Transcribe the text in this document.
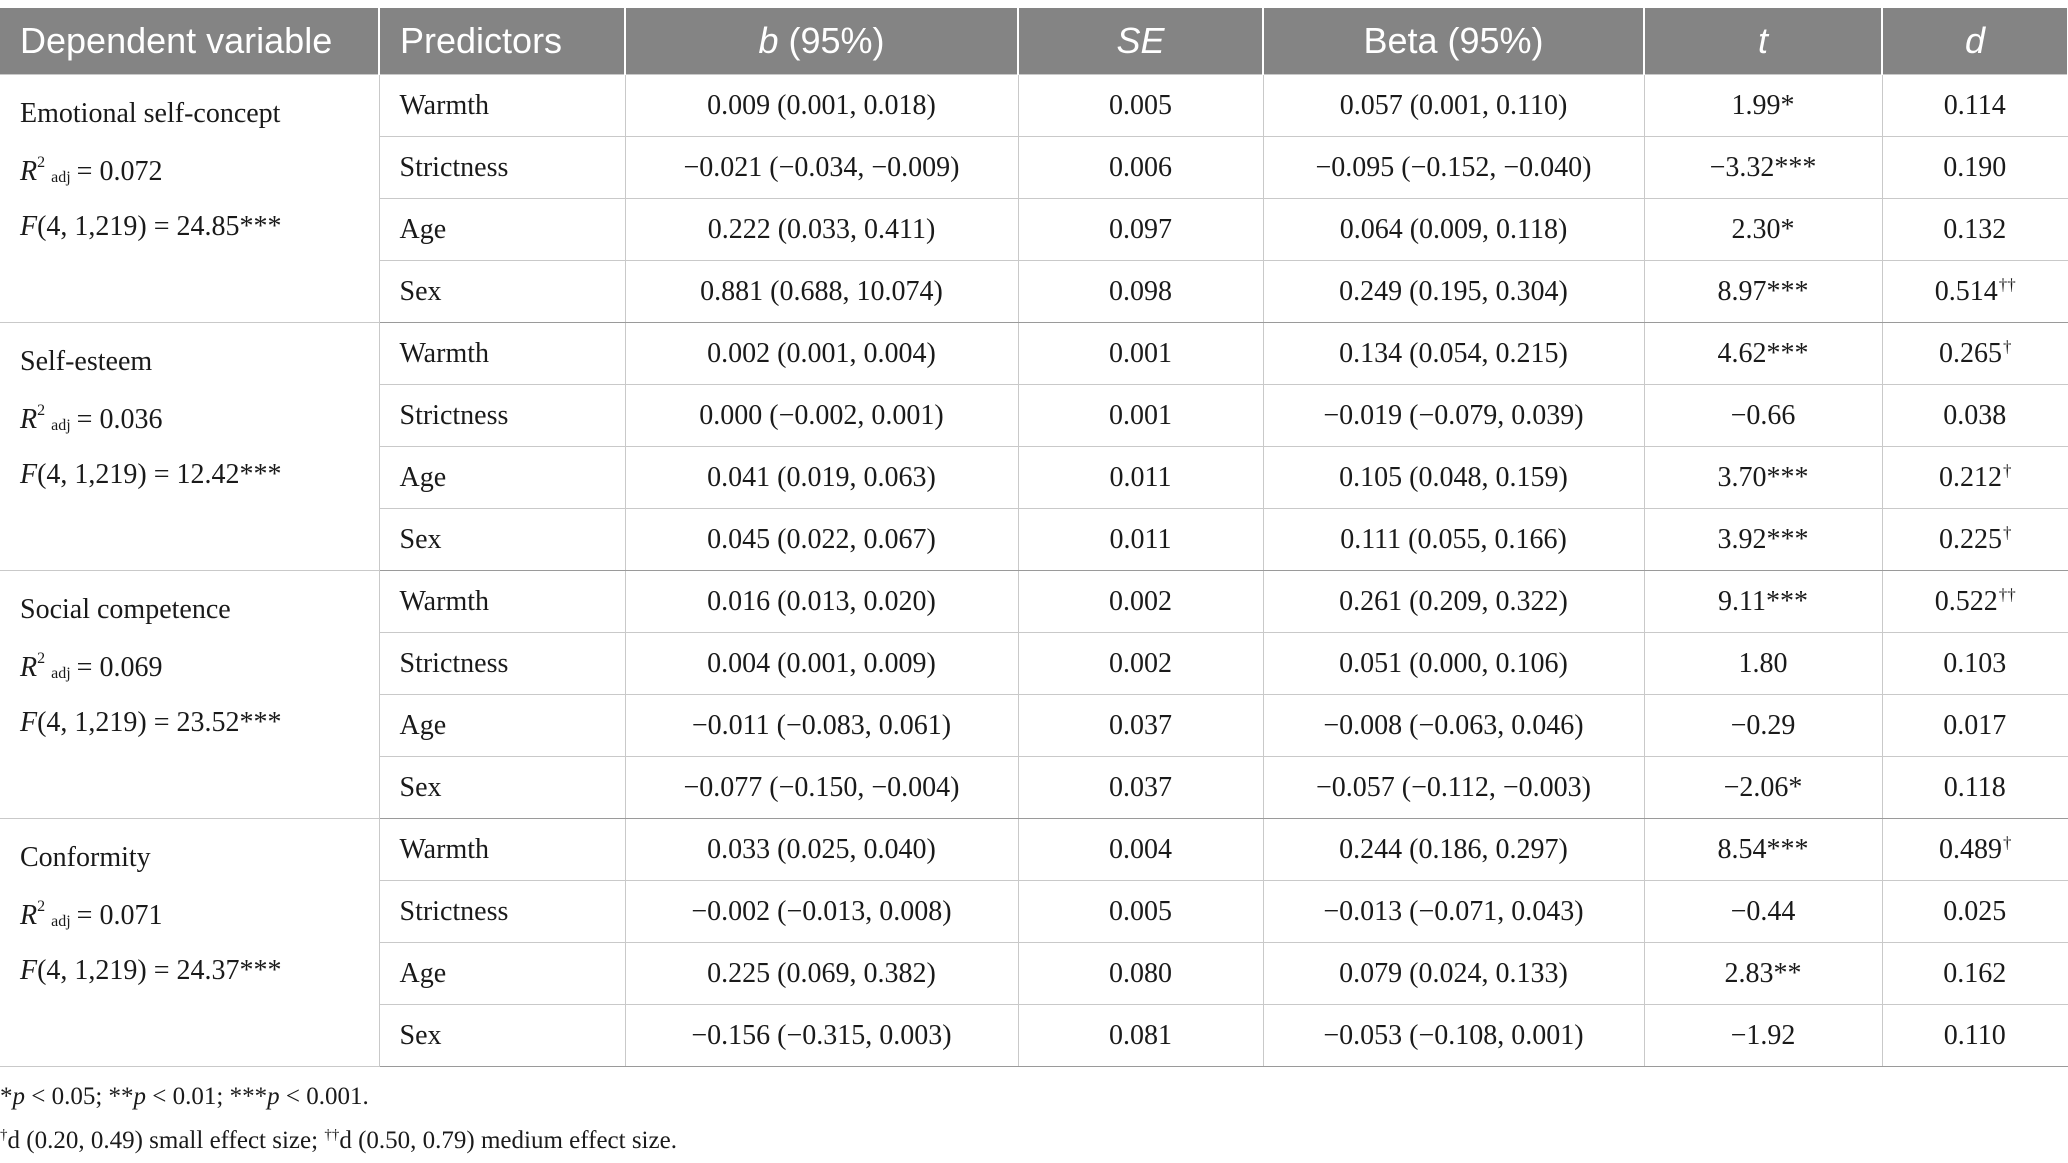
Dependent variable	Predictors	b (95%)	SE	Beta (95%)	t	d

Emotional self-concept
$R^2adj = 0.072$
F(4, 1,219) = 24.85***	Warmth	0.009 (0.001, 0.018)	0.005	0.057 (0.001, 0.110)	1.99*	0.114
	Strictness	−0.021 (−0.034, −0.009)	0.006	−0.095 (−0.152, −0.040)	−3.32***	0.190
	Age	0.222 (0.033, 0.411)	0.097	0.064 (0.009, 0.118)	2.30*	0.132
	Sex	0.881 (0.688, 10.074)	0.098	0.249 (0.195, 0.304)	8.97***	0.514††

Self-esteem
$R^2adj = 0.036$
F(4, 1,219) = 12.42***	Warmth	0.002 (0.001, 0.004)	0.001	0.134 (0.054, 0.215)	4.62***	0.265†
	Strictness	0.000 (−0.002, 0.001)	0.001	−0.019 (−0.079, 0.039)	−0.66	0.038
	Age	0.041 (0.019, 0.063)	0.011	0.105 (0.048, 0.159)	3.70***	0.212†
	Sex	0.045 (0.022, 0.067)	0.011	0.111 (0.055, 0.166)	3.92***	0.225†

Social competence
$R^2adj = 0.069$
F(4, 1,219) = 23.52***	Warmth	0.016 (0.013, 0.020)	0.002	0.261 (0.209, 0.322)	9.11***	0.522††
	Strictness	0.004 (0.001, 0.009)	0.002	0.051 (0.000, 0.106)	1.80	0.103
	Age	−0.011 (−0.083, 0.061)	0.037	−0.008 (−0.063, 0.046)	−0.29	0.017
	Sex	−0.077 (−0.150, −0.004)	0.037	−0.057 (−0.112, −0.003)	−2.06*	0.118

Conformity
$R^2adj = 0.071$
F(4, 1,219) = 24.37***	Warmth	0.033 (0.025, 0.040)	0.004	0.244 (0.186, 0.297)	8.54***	0.489†
	Strictness	−0.002 (−0.013, 0.008)	0.005	−0.013 (−0.071, 0.043)	−0.44	0.025
	Age	0.225 (0.069, 0.382)	0.080	0.079 (0.024, 0.133)	2.83**	0.162
	Sex	−0.156 (−0.315, 0.003)	0.081	−0.053 (−0.108, 0.001)	−1.92	0.110
*p < 0.05; **p < 0.01; ***p < 0.001.
†d (0.20, 0.49) small effect size; ††d (0.50, 0.79) medium effect size.
